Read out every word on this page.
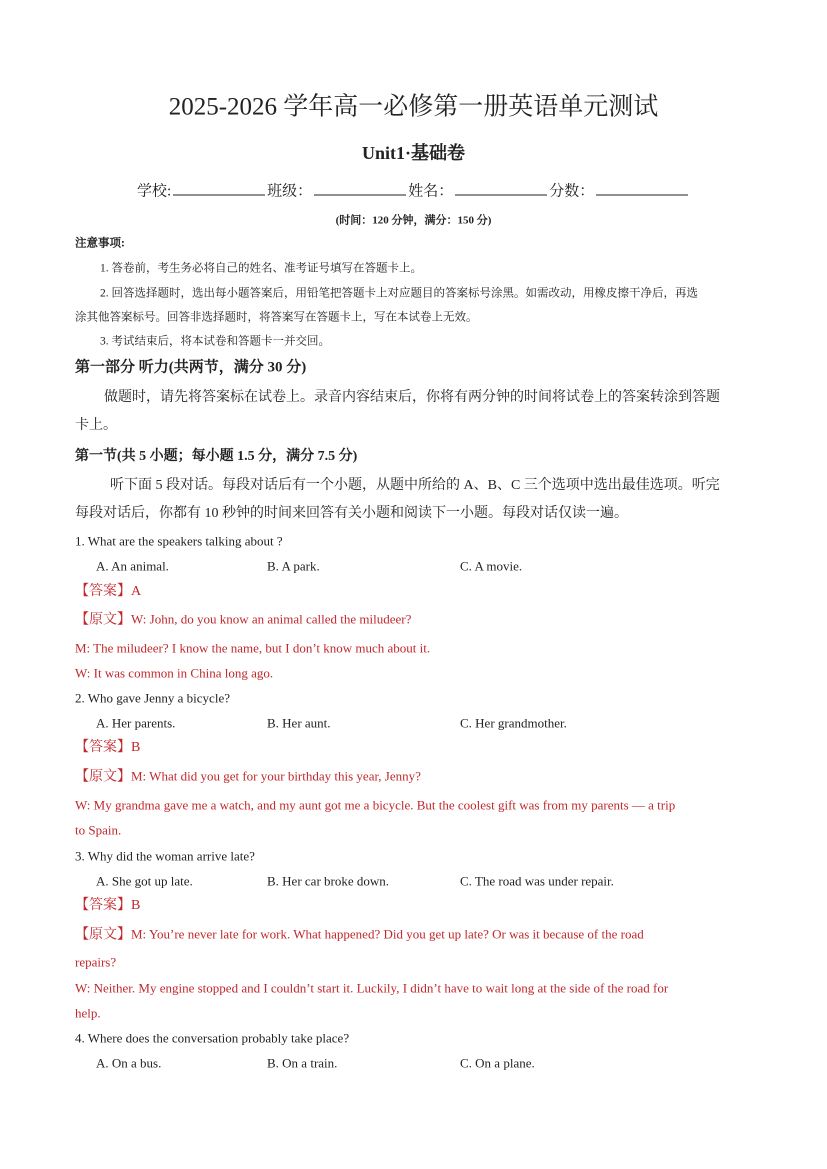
2025-2026 学年高一必修第一册英语单元测试
Unit1·基础卷
学校:	班级：	姓名：	分数：
(时间：120 分钟，满分：150 分)
注意事项:
1. 答卷前，考生务必将自己的姓名、准考证号填写在答题卡上。
2. 回答选择题时，选出每小题答案后，用铅笔把答题卡上对应题目的答案标号涂黑。如需改动，用橡皮擦干净后，再选
涂其他答案标号。回答非选择题时，将答案写在答题卡上，写在本试卷上无效。
3. 考试结束后，将本试卷和答题卡一并交回。
第一部分 听力(共两节，满分 30 分)
做题时，请先将答案标在试卷上。录音内容结束后，你将有两分钟的时间将试卷上的答案转涂到答题
卡上。
第一节(共 5 小题；每小题 1.5 分，满分 7.5 分)
听下面 5 段对话。每段对话后有一个小题，从题中所给的 A、B、C 三个选项中选出最佳选项。听完
每段对话后，你都有 10 秒钟的时间来回答有关小题和阅读下一小题。每段对话仅读一遍。
1. What are the speakers talking about ?
A. An animal.	B. A park.	C. A movie.
【答案】A
【原文】W: John, do you know an animal called the miludeer?
M: The miludeer? I know the name, but I don’t know much about it.
W: It was common in China long ago.
2. Who gave Jenny a bicycle?
A. Her parents.	B. Her aunt.	C. Her grandmother.
【答案】B
【原文】M: What did you get for your birthday this year, Jenny?
W: My grandma gave me a watch, and my aunt got me a bicycle. But the coolest gift was from my parents — a trip
to Spain.
3. Why did the woman arrive late?
A. She got up late.	B. Her car broke down.	C. The road was under repair.
【答案】B
【原文】M: You’re never late for work. What happened? Did you get up late? Or was it because of the road
repairs?
W: Neither. My engine stopped and I couldn’t start it. Luckily, I didn’t have to wait long at the side of the road for
help.
4. Where does the conversation probably take place?
A. On a bus.	B. On a train.	C. On a plane.
